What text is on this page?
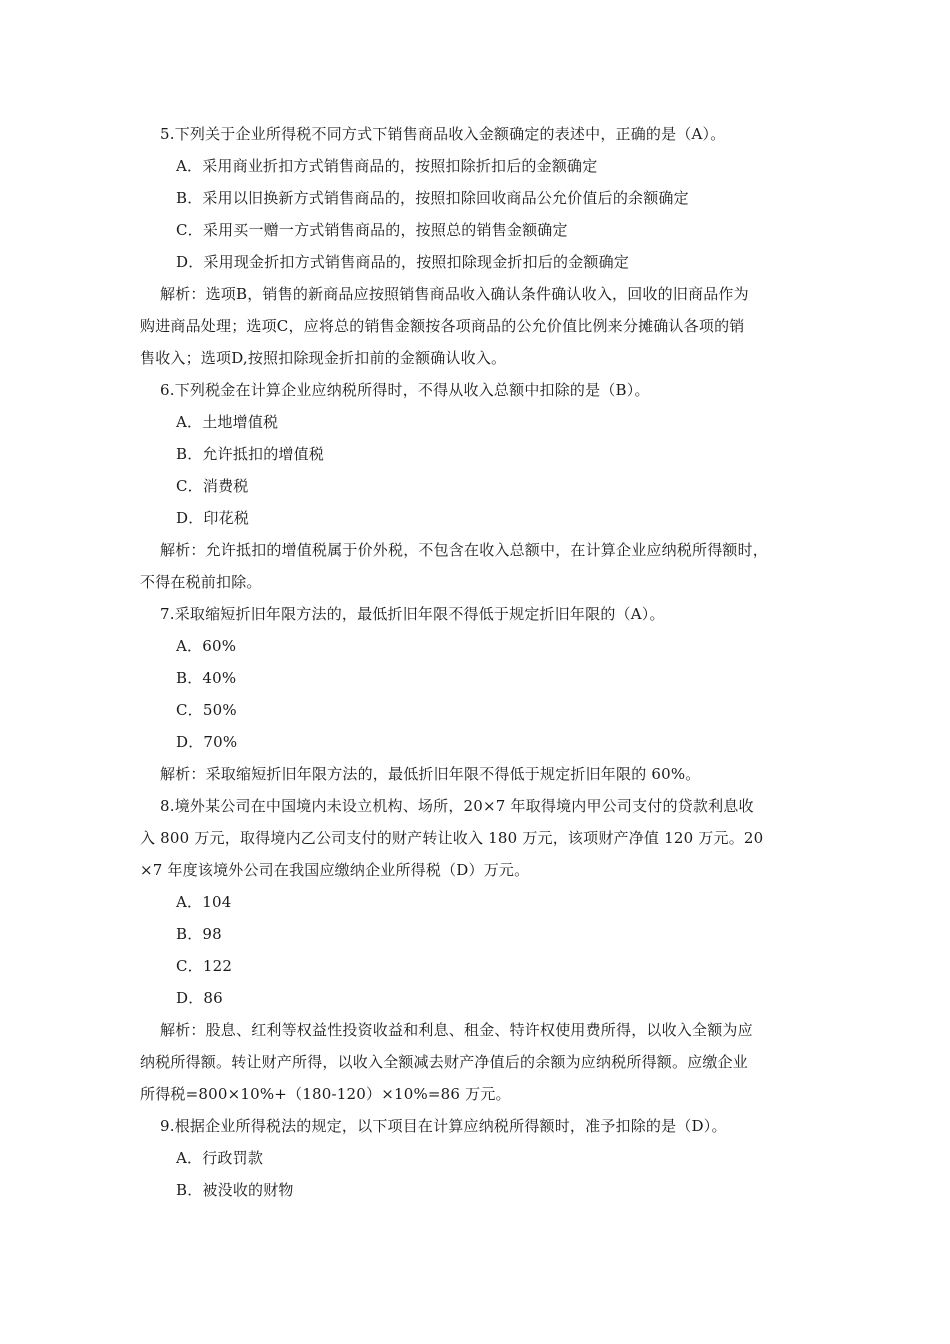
5.下列关于企业所得税不同方式下销售商品收入金额确定的表述中，正确的是（A）。
A．采用商业折扣方式销售商品的，按照扣除折扣后的金额确定
B．采用以旧换新方式销售商品的，按照扣除回收商品公允价值后的余额确定
C．采用买一赠一方式销售商品的，按照总的销售金额确定
D．采用现金折扣方式销售商品的，按照扣除现金折扣后的金额确定
解析：选项B，销售的新商品应按照销售商品收入确认条件确认收入，回收的旧商品作为
购进商品处理；选项C，应将总的销售金额按各项商品的公允价值比例来分摊确认各项的销
售收入；选项D,按照扣除现金折扣前的金额确认收入。
6.下列税金在计算企业应纳税所得时，不得从收入总额中扣除的是（B）。
A．土地增值税
B．允许抵扣的增值税
C．消费税
D．印花税
解析：允许抵扣的增值税属于价外税，不包含在收入总额中，在计算企业应纳税所得额时，
不得在税前扣除。
7.采取缩短折旧年限方法的，最低折旧年限不得低于规定折旧年限的（A）。
A．60%
B．40%
C．50%
D．70%
解析：采取缩短折旧年限方法的，最低折旧年限不得低于规定折旧年限的 60%。
8.境外某公司在中国境内未设立机构、场所，20×7 年取得境内甲公司支付的贷款利息收
入 800 万元，取得境内乙公司支付的财产转让收入 180 万元，该项财产净值 120 万元。20
×7 年度该境外公司在我国应缴纳企业所得税（D）万元。
A．104
B．98
C．122
D．86
解析：股息、红利等权益性投资收益和利息、租金、特许权使用费所得，以收入全额为应
纳税所得额。转让财产所得，以收入全额减去财产净值后的余额为应纳税所得额。应缴企业
所得税=800×10%+（180-120）×10%=86 万元。
9.根据企业所得税法的规定，以下项目在计算应纳税所得额时，准予扣除的是（D）。
A．行政罚款
B．被没收的财物
